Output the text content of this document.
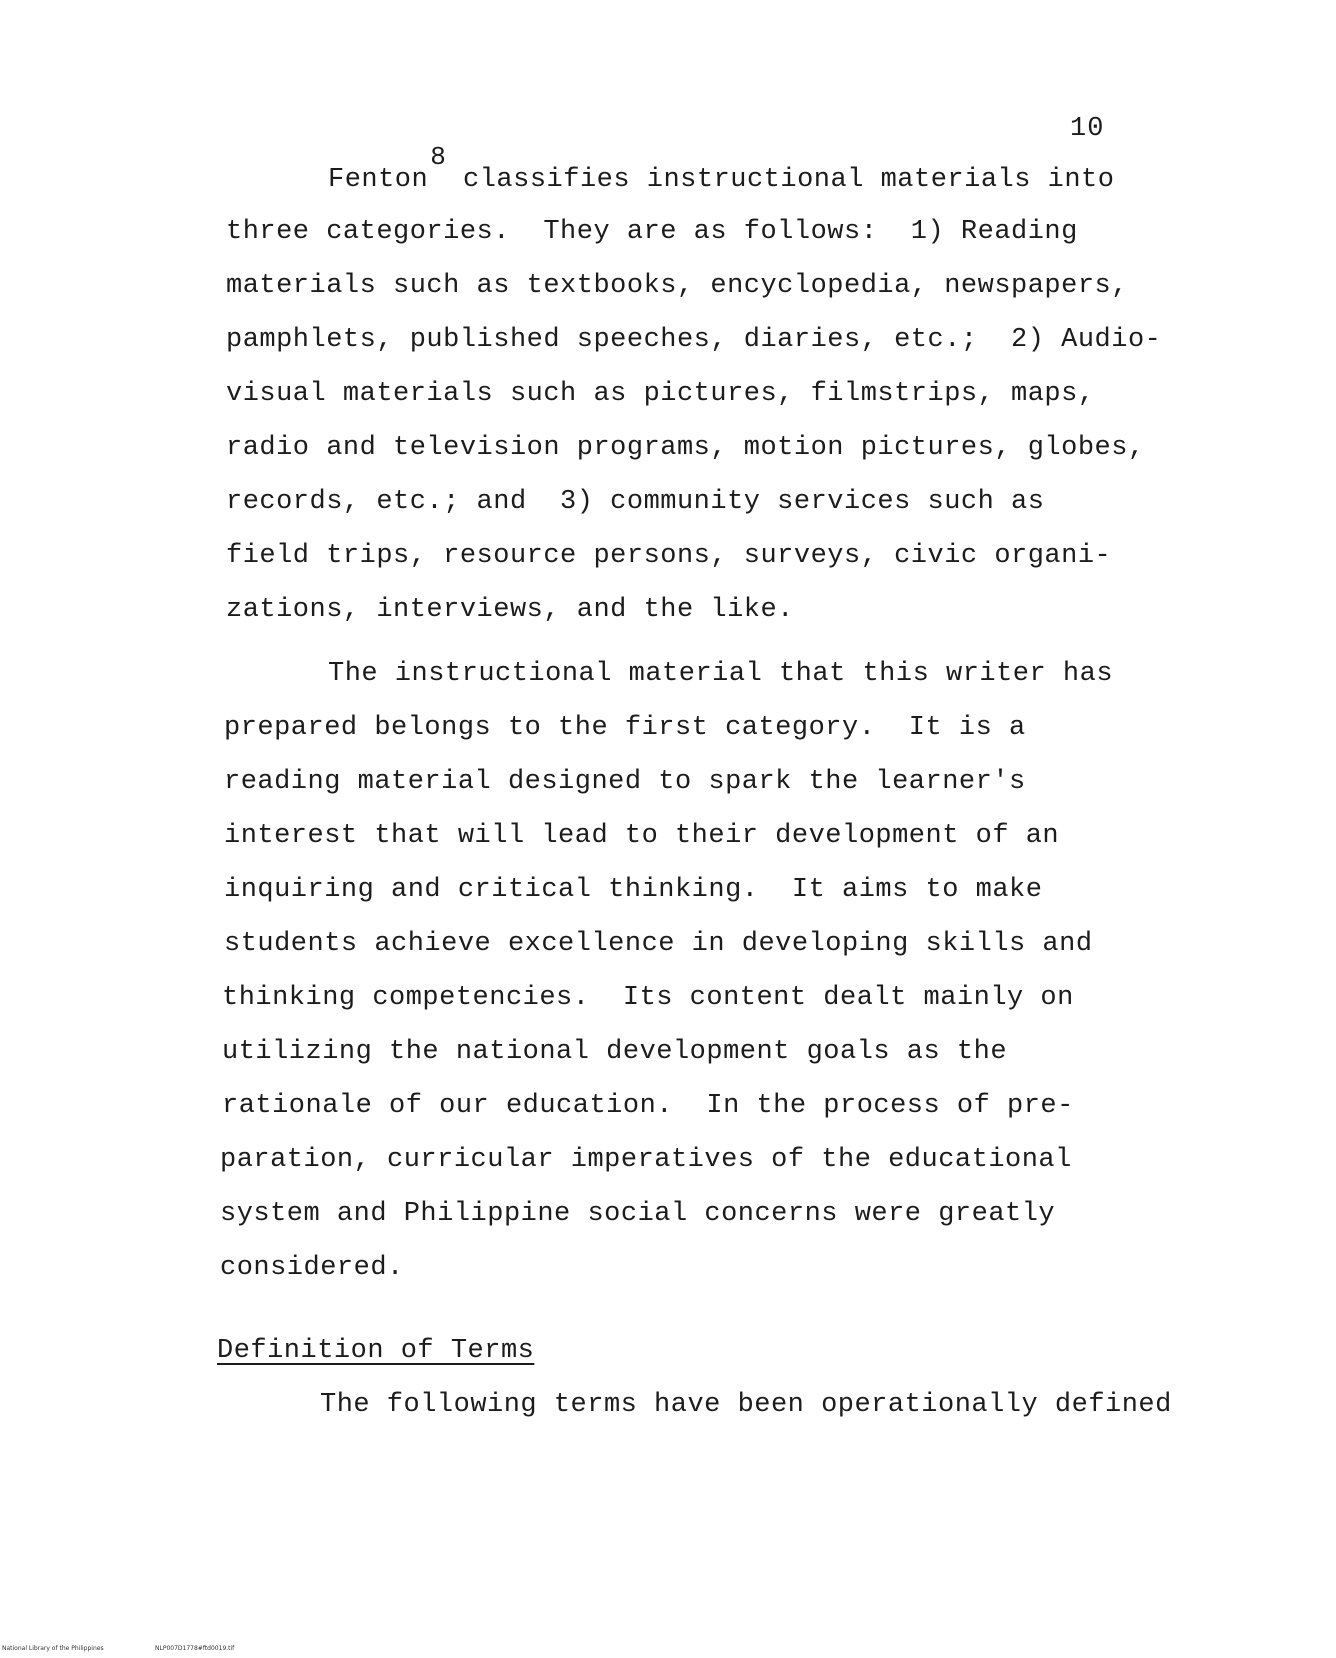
10
Fenton8 classifies instructional materials into
three categories.  They are as follows:  1) Reading
materials such as textbooks, encyclopedia, newspapers,
pamphlets, published speeches, diaries, etc.;  2) Audio-
visual materials such as pictures, filmstrips, maps,
radio and television programs, motion pictures, globes,
records, etc.; and  3) community services such as
field trips, resource persons, surveys, civic organi-
zations, interviews, and the like.
The instructional material that this writer has
prepared belongs to the first category.  It is a
reading material designed to spark the learner's
interest that will lead to their development of an
inquiring and critical thinking.  It aims to make
students achieve excellence in developing skills and
thinking competencies.  Its content dealt mainly on
utilizing the national development goals as the
rationale of our education.  In the process of pre-
paration, curricular imperatives of the educational
system and Philippine social concerns were greatly
considered.
Definition of Terms
The following terms have been operationally defined
National Library of the Philippines	NLP007D1778#ftd0019.tif
